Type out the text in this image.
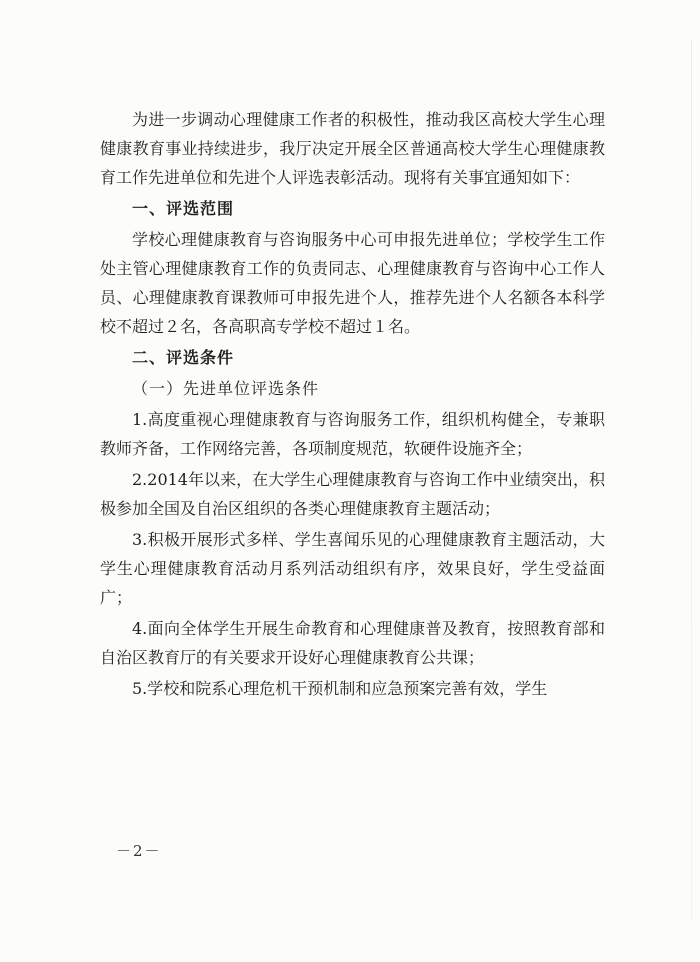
为进一步调动心理健康工作者的积极性，推动我区高校大学生心理健康教育事业持续进步，我厅决定开展全区普通高校大学生心理健康教育工作先进单位和先进个人评选表彰活动。现将有关事宜通知如下：

一、评选范围

学校心理健康教育与咨询服务中心可申报先进单位；学校学生工作处主管心理健康教育工作的负责同志、心理健康教育与咨询中心工作人员、心理健康教育课教师可申报先进个人，推荐先进个人名额各本科学校不超过２名，各高职高专学校不超过１名。

二、评选条件

（一）先进单位评选条件

1.高度重视心理健康教育与咨询服务工作，组织机构健全，专兼职教师齐备，工作网络完善，各项制度规范，软硬件设施齐全；

2.2014年以来，在大学生心理健康教育与咨询工作中业绩突出，积极参加全国及自治区组织的各类心理健康教育主题活动；

3.积极开展形式多样、学生喜闻乐见的心理健康教育主题活动，大学生心理健康教育活动月系列活动组织有序，效果良好，学生受益面广；

4.面向全体学生开展生命教育和心理健康普及教育，按照教育部和自治区教育厅的有关要求开设好心理健康教育公共课；

5.学校和院系心理危机干预机制和应急预案完善有效，学生

－2－
